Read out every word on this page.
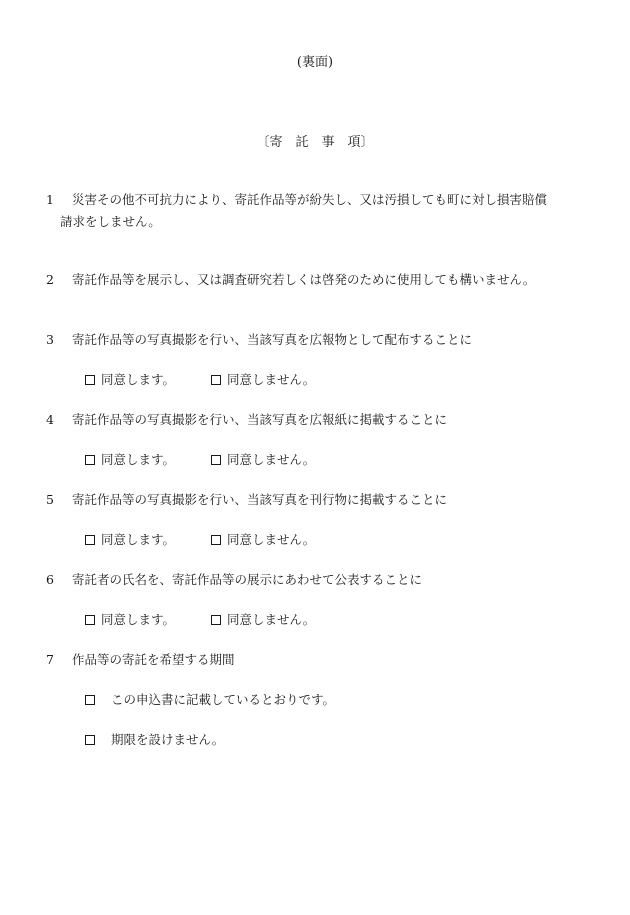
(裏面)
〔寄　託　事　項〕
1	災害その他不可抗力により、寄託作品等が紛失し、又は汚損しても町に対し損害賠償
請求をしません。
2	寄託作品等を展示し、又は調査研究若しくは啓発のために使用しても構いません。
3	寄託作品等の写真撮影を行い、当該写真を広報物として配布することに
同意します。	同意しません。
4	寄託作品等の写真撮影を行い、当該写真を広報紙に掲載することに
同意します。	同意しません。
5	寄託作品等の写真撮影を行い、当該写真を刊行物に掲載することに
同意します。	同意しません。
6	寄託者の氏名を、寄託作品等の展示にあわせて公表することに
同意します。	同意しません。
7	作品等の寄託を希望する期間
この申込書に記載しているとおりです。
期限を設けません。
